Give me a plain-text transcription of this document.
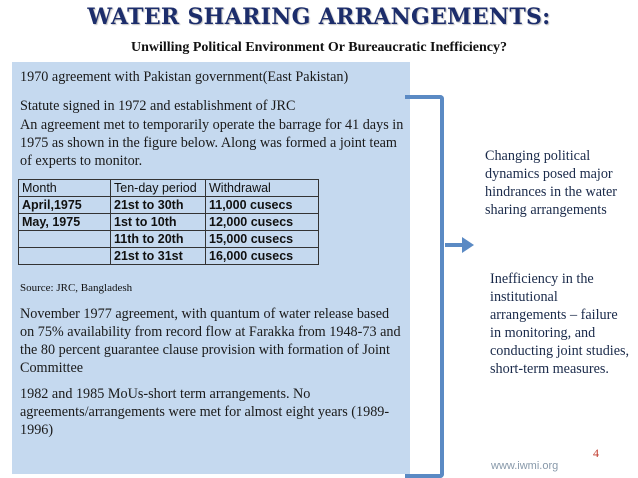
WATER SHARING ARRANGEMENTS:
Unwilling Political Environment Or Bureaucratic Inefficiency?
1970 agreement with Pakistan government(East Pakistan)
Statute signed in 1972 and establishment of JRC
An agreement met to temporarily operate the barrage for 41 days in 1975 as shown in the figure below. Along was formed a joint team of experts to monitor.
Month	Ten-day period	Withdrawal
April,1975	21st to 30th	11,000 cusecs
May, 1975	1st to 10th	12,000 cusecs
	11th to 20th	15,000 cusecs
	21st to 31st	16,000 cusecs
Source: JRC, Bangladesh
November 1977 agreement, with quantum of water release based on 75% availability from record flow at Farakka from 1948-73 and the 80 percent guarantee clause provision with formation of Joint Committee
1982 and 1985 MoUs-short term arrangements. No agreements/arrangements were met for almost eight years (1989-1996)
Changing political dynamics posed major hindrances in the water sharing arrangements
Inefficiency in the institutional arrangements – failure in monitoring, and conducting joint studies, short-term measures.
4
www.iwmi.org
